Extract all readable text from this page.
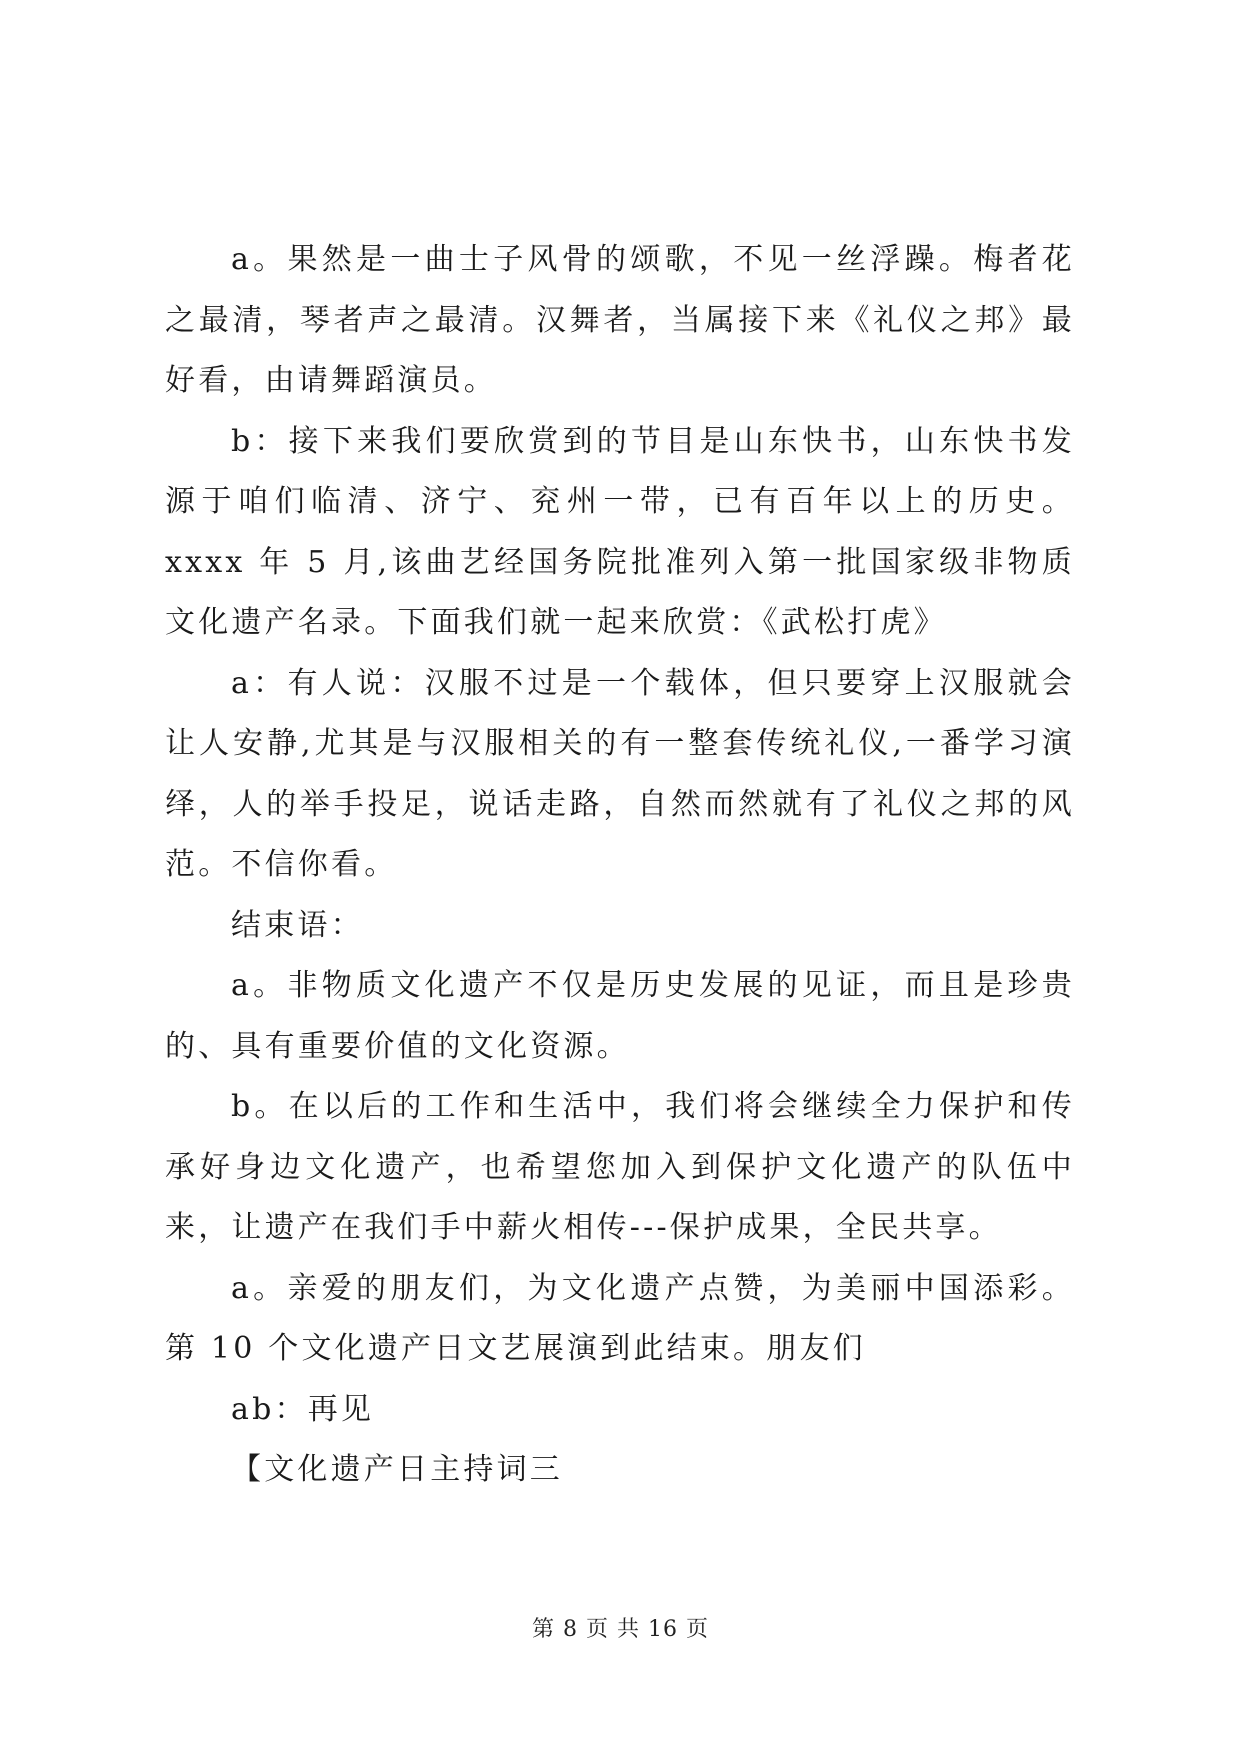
a。果然是一曲士子风骨的颂歌，不见一丝浮躁。梅者花之最清，琴者声之最清。汉舞者，当属接下来《礼仪之邦》最好看，由请舞蹈演员。

b：接下来我们要欣赏到的节目是山东快书，山东快书发源于咱们临清、济宁、兖州一带，已有百年以上的历史。xxxx 年 5 月,该曲艺经国务院批准列入第一批国家级非物质文化遗产名录。下面我们就一起来欣赏：《武松打虎》

a：有人说：汉服不过是一个载体，但只要穿上汉服就会让人安静,尤其是与汉服相关的有一整套传统礼仪,一番学习演绎，人的举手投足，说话走路，自然而然就有了礼仪之邦的风范。不信你看。

结束语：

a。非物质文化遗产不仅是历史发展的见证，而且是珍贵的、具有重要价值的文化资源。

b。在以后的工作和生活中，我们将会继续全力保护和传承好身边文化遗产，也希望您加入到保护文化遗产的队伍中来，让遗产在我们手中薪火相传---保护成果，全民共享。

a。亲爱的朋友们，为文化遗产点赞，为美丽中国添彩。第 10 个文化遗产日文艺展演到此结束。朋友们

ab：再见

【文化遗产日主持词三

第 8 页 共 16 页
